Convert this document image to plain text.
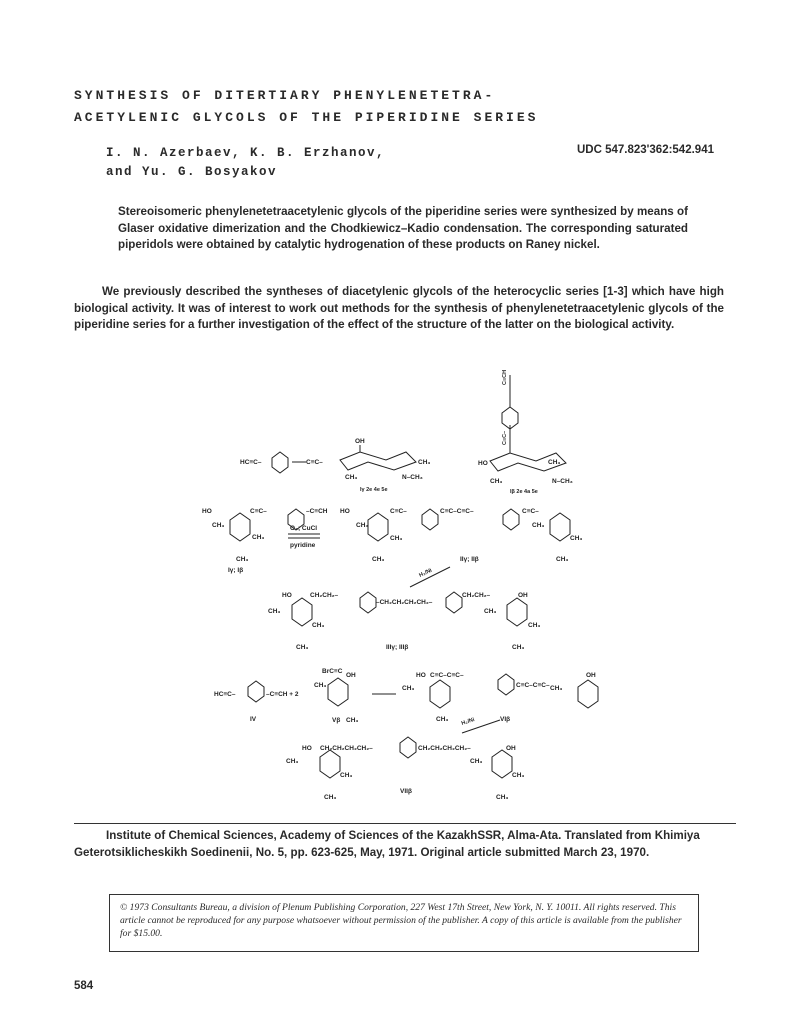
SYNTHESIS OF DITERTIARY PHENYLENETETRA-
ACETYLENIC GLYCOLS OF THE PIPERIDINE SERIES
I. N. Azerbaev, K. B. Erzhanov,
and Yu. G. Bosyakov
UDC 547.823'362:542.941
Stereoisomeric phenylenetetraacetylenic glycols of the piperidine series were synthesized by means of Glaser oxidative dimerization and the Chodkiewicz–Kadio condensation. The corresponding saturated piperidols were obtained by catalytic hydrogenation of these products on Raney nickel.
We previously described the syntheses of diacetylenic glycols of the heterocyclic series [1-3] which have high biological activity. It was of interest to work out methods for the synthesis of phenylenetetraacetylenic glycols of the piperidine series for a further investigation of the effect of the structure of the latter on the biological activity.
HC≡C–	C≡C–
OH
CH₃
CH₃	N–CH₃
Iγ 2e 4e 5e
C≡CH
C≡C–
HO	CH₃
CH₃	N–CH₃
Iβ 2e 4a 5e
HO	C≡C–	–C≡CH
CH₃
CH₃
CH₃
Iγ; Iβ
O₂; CuCl
pyridine
HO	C≡C–	C≡C–C≡C–	C≡C–
CH₃
CH₃
CH₃	IIγ; IIβ
CH₃
CH₃
CH₃
H₂/Ni
HO	CH₂CH₂–
–CH₂CH₂CH₂CH₂–
CH₂CH₂–	OH
CH₃
CH₃
CH₃	IIIγ; IIIβ
CH₃
CH₃
CH₃
HC≡C–	–C≡CH + 2
IV
BrC≡C
OH
CH₃
Vβ CH₃
HO C≡C–C≡C–
C≡C–C≡C–
OH
CH₃
CH₃
CH₃
VIβ
H₂/Ni
HO CH₂CH₂CH₂CH₂–	CH₂CH₂CH₂CH₂–	OH
CH₃
CH₃
CH₃
VIIβ
CH₃
CH₃
CH₃
Institute of Chemical Sciences, Academy of Sciences of the KazakhSSR, Alma-Ata. Translated from Khimiya Geterotsiklicheskikh Soedinenii, No. 5, pp. 623-625, May, 1971. Original article submitted March 23, 1970.

© 1973 Consultants Bureau, a division of Plenum Publishing Corporation, 227 West 17th Street, New York, N. Y. 10011. All rights reserved. This article cannot be reproduced for any purpose whatsoever without permission of the publisher. A copy of this article is available from the publisher for $15.00.

584
